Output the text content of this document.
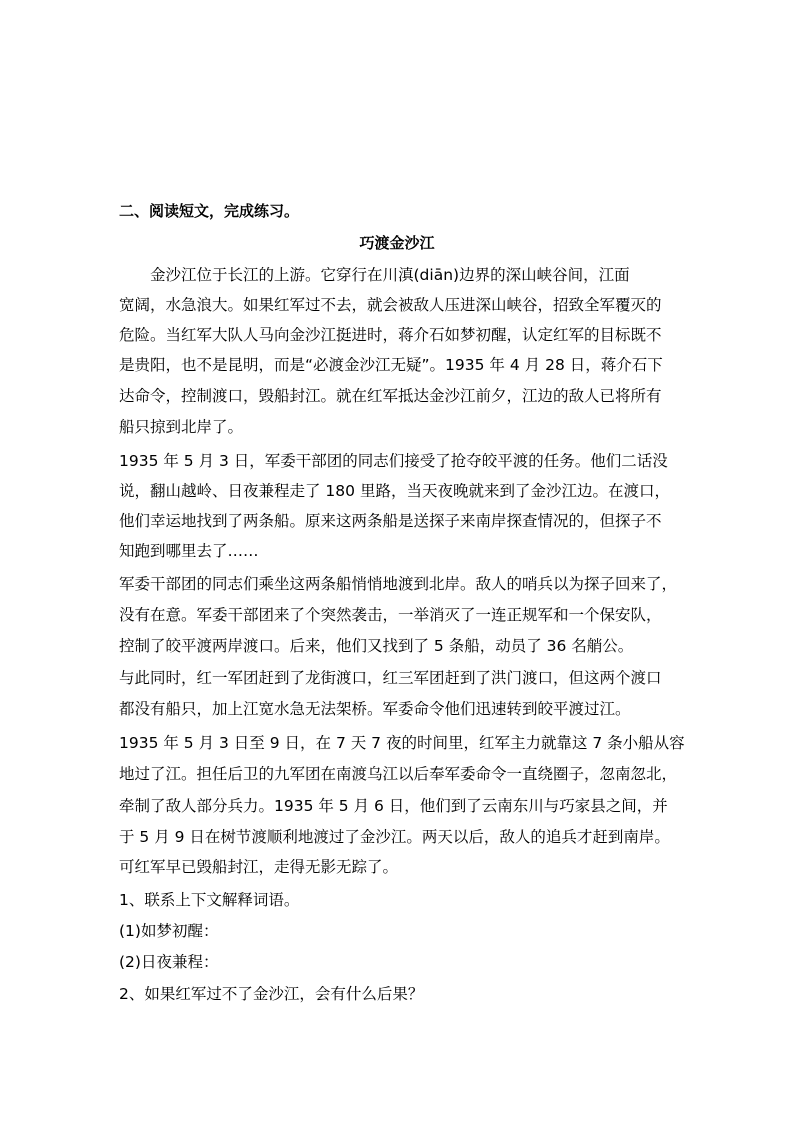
二、阅读短文，完成练习。
巧渡金沙江
金沙江位于长江的上游。它穿行在川滇(diān)边界的深山峡谷间，江面
宽阔，水急浪大。如果红军过不去，就会被敌人压进深山峡谷，招致全军覆灭的
危险。当红军大队人马向金沙江挺进时，蒋介石如梦初醒，认定红军的目标既不
是贵阳，也不是昆明，而是“必渡金沙江无疑”。1935 年 4 月 28 日，蒋介石下
达命令，控制渡口，毁船封江。就在红军抵达金沙江前夕，江边的敌人已将所有
船只掠到北岸了。
1935 年 5 月 3 日，军委干部团的同志们接受了抢夺皎平渡的任务。他们二话没
说，翻山越岭、日夜兼程走了 180 里路，当天夜晚就来到了金沙江边。在渡口，
他们幸运地找到了两条船。原来这两条船是送探子来南岸探查情况的，但探子不
知跑到哪里去了……
军委干部团的同志们乘坐这两条船悄悄地渡到北岸。敌人的哨兵以为探子回来了，
没有在意。军委干部团来了个突然袭击，一举消灭了一连正规军和一个保安队，
控制了皎平渡两岸渡口。后来，他们又找到了 5 条船，动员了 36 名艄公。
与此同时，红一军团赶到了龙街渡口，红三军团赶到了洪门渡口，但这两个渡口
都没有船只，加上江宽水急无法架桥。军委命令他们迅速转到皎平渡过江。
1935 年 5 月 3 日至 9 日，在 7 天 7 夜的时间里，红军主力就靠这 7 条小船从容
地过了江。担任后卫的九军团在南渡乌江以后奉军委命令一直绕圈子，忽南忽北，
牵制了敌人部分兵力。1935 年 5 月 6 日，他们到了云南东川与巧家县之间，并
于 5 月 9 日在树节渡顺利地渡过了金沙江。两天以后，敌人的追兵才赶到南岸。
可红军早已毁船封江，走得无影无踪了。
1、联系上下文解释词语。
(1)如梦初醒：
(2)日夜兼程：
2、如果红军过不了金沙江，会有什么后果？
